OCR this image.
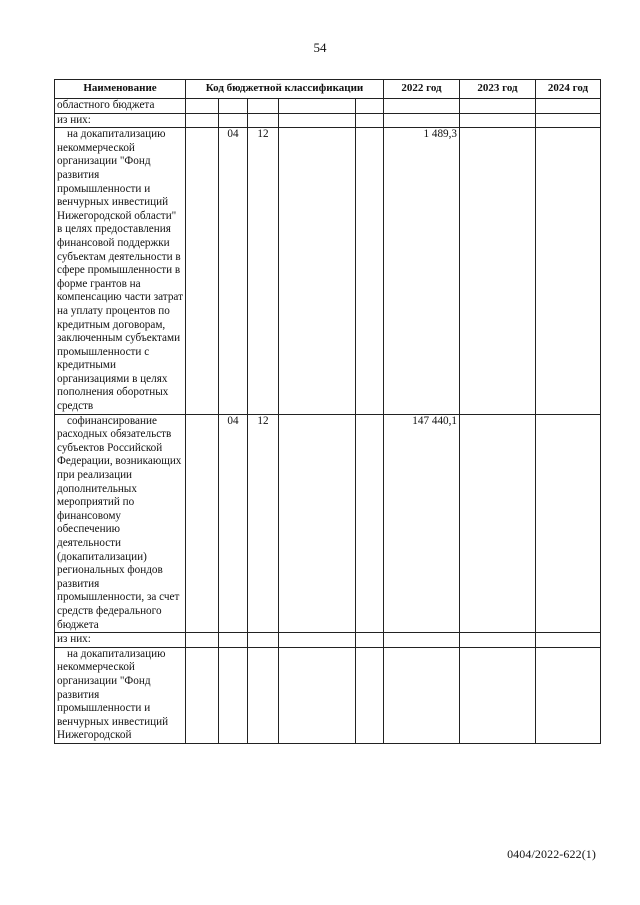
54
Наименование	Код бюджетной классификации					2022 год	2023 год	2024 год
областного бюджета								
из них:								
на докапитализацию некоммерческой организации "Фонд развития промышленности и венчурных инвестиций Нижегородской области" в целях предоставления финансовой поддержки субъектам деятельности в сфере промышленности в форме грантов на компенсацию части затрат на уплату процентов по кредитным договорам, заключенным субъектами промышленности с кредитными организациями в целях пополнения оборотных средств		04	12			1 489,3		
софинансирование расходных обязательств субъектов Российской Федерации, возникающих при реализации дополнительных мероприятий по финансовому обеспечению деятельности (докапитализации) региональных фондов развития промышленности, за счет средств федерального бюджета		04	12			147 440,1		
из них:								
на докапитализацию некоммерческой организации "Фонд развития промышленности и венчурных инвестиций Нижегородской								
0404/2022-622(1)
